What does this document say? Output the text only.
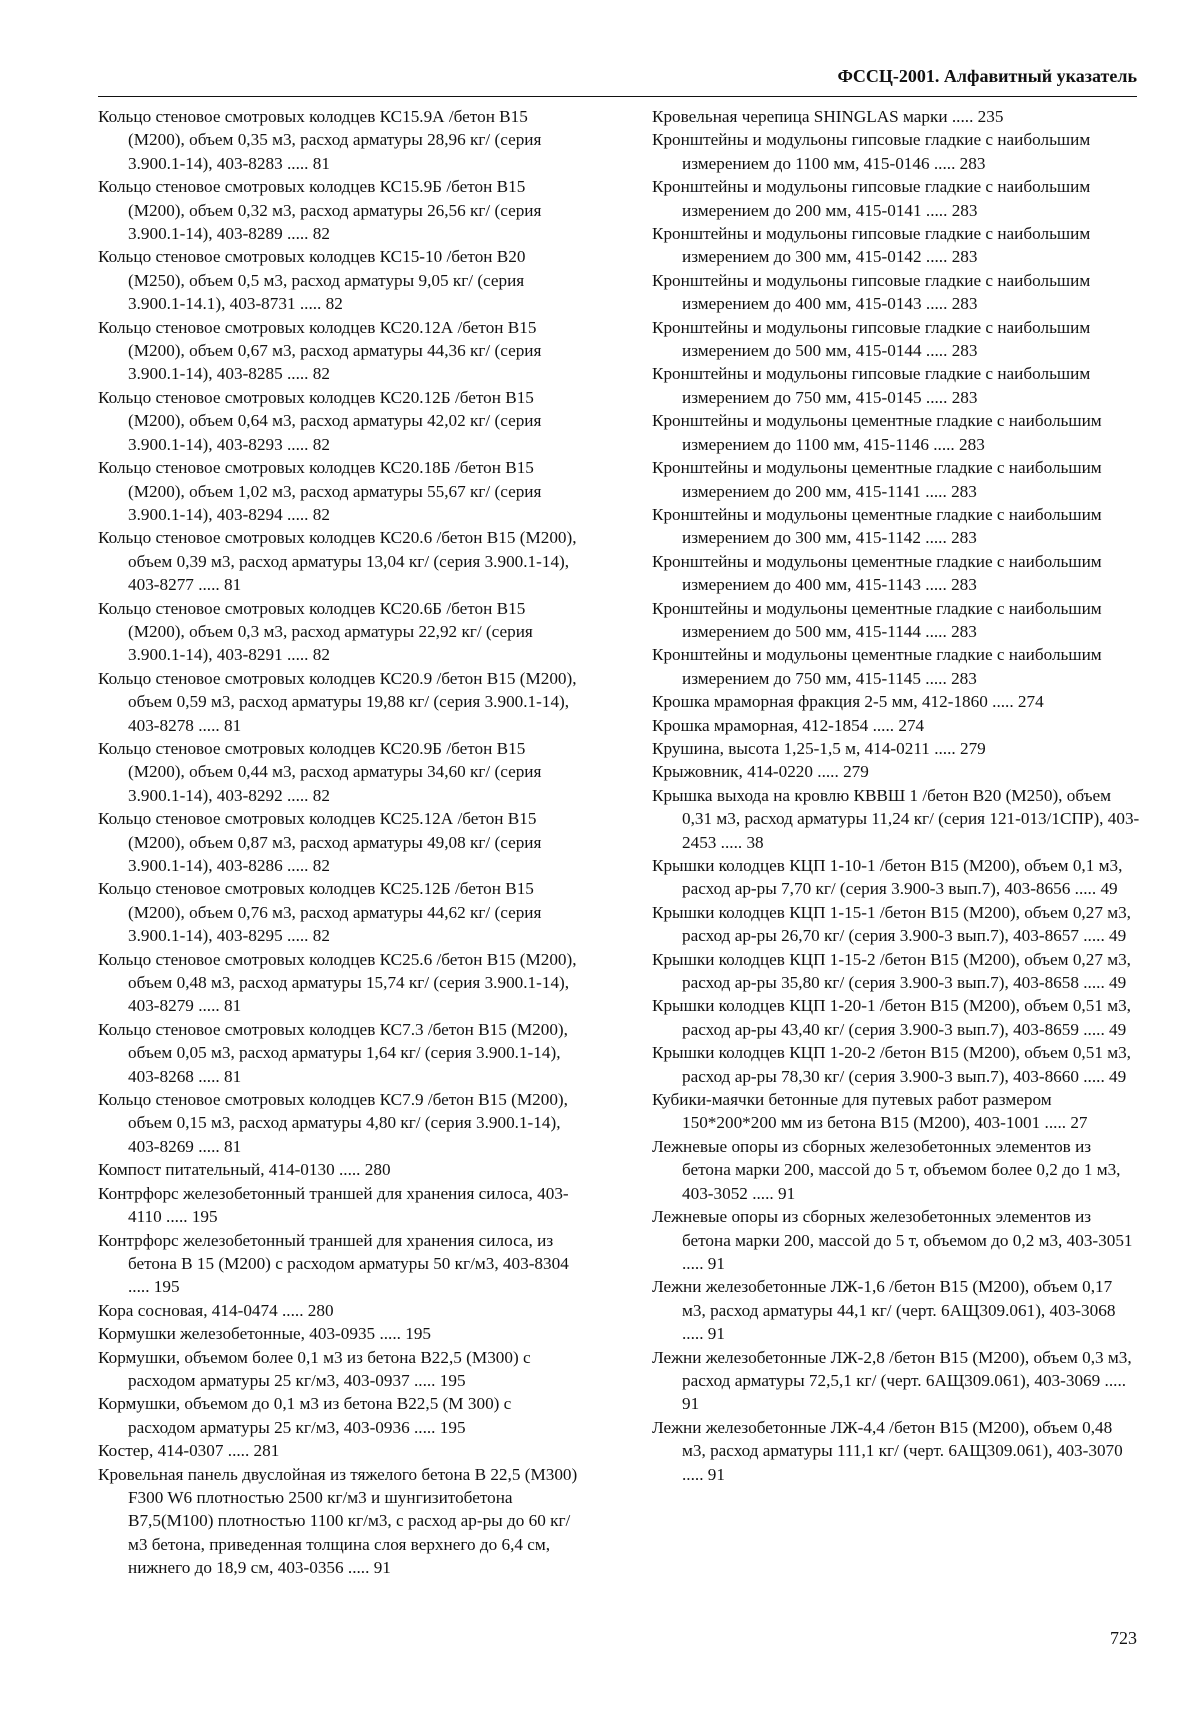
ФССЦ-2001. Алфавитный указатель
Кольцо стеновое смотровых колодцев КС15.9А /бетон В15 (М200), объем 0,35 м3, расход арматуры 28,96 кг/ (серия 3.900.1-14), 403-8283 ..... 81
Кольцо стеновое смотровых колодцев КС15.9Б /бетон В15 (М200), объем 0,32 м3, расход арматуры 26,56 кг/ (серия 3.900.1-14), 403-8289 ..... 82
Кольцо стеновое смотровых колодцев КС15-10 /бетон В20 (М250), объем 0,5 м3, расход арматуры 9,05 кг/ (серия 3.900.1-14.1), 403-8731 ..... 82
Кольцо стеновое смотровых колодцев КС20.12А /бетон В15 (М200), объем 0,67 м3, расход арматуры 44,36 кг/ (серия 3.900.1-14), 403-8285 ..... 82
Кольцо стеновое смотровых колодцев КС20.12Б /бетон В15 (М200), объем 0,64 м3, расход арматуры 42,02 кг/ (серия 3.900.1-14), 403-8293 ..... 82
Кольцо стеновое смотровых колодцев КС20.18Б /бетон В15 (М200), объем 1,02 м3, расход арматуры 55,67 кг/ (серия 3.900.1-14), 403-8294 ..... 82
Кольцо стеновое смотровых колодцев КС20.6 /бетон В15 (М200), объем 0,39 м3, расход арматуры 13,04 кг/ (серия 3.900.1-14), 403-8277 ..... 81
Кольцо стеновое смотровых колодцев КС20.6Б /бетон В15 (М200), объем 0,3 м3, расход арматуры 22,92 кг/ (серия 3.900.1-14), 403-8291 ..... 82
Кольцо стеновое смотровых колодцев КС20.9 /бетон В15 (М200), объем 0,59 м3, расход арматуры 19,88 кг/ (серия 3.900.1-14), 403-8278 ..... 81
Кольцо стеновое смотровых колодцев КС20.9Б /бетон В15 (М200), объем 0,44 м3, расход арматуры 34,60 кг/ (серия 3.900.1-14), 403-8292 ..... 82
Кольцо стеновое смотровых колодцев КС25.12А /бетон В15 (М200), объем 0,87 м3, расход арматуры 49,08 кг/ (серия 3.900.1-14), 403-8286 ..... 82
Кольцо стеновое смотровых колодцев КС25.12Б /бетон В15 (М200), объем 0,76 м3, расход арматуры 44,62 кг/ (серия 3.900.1-14), 403-8295 ..... 82
Кольцо стеновое смотровых колодцев КС25.6 /бетон В15 (М200), объем 0,48 м3, расход арматуры 15,74 кг/ (серия 3.900.1-14), 403-8279 ..... 81
Кольцо стеновое смотровых колодцев КС7.3 /бетон В15 (М200), объем 0,05 м3, расход арматуры 1,64 кг/ (серия 3.900.1-14), 403-8268 ..... 81
Кольцо стеновое смотровых колодцев КС7.9 /бетон В15 (М200), объем 0,15 м3, расход арматуры 4,80 кг/ (серия 3.900.1-14), 403-8269 ..... 81
Компост питательный, 414-0130 ..... 280
Контрфорс железобетонный траншей для хранения силоса, 403-4110 ..... 195
Контрфорс железобетонный траншей для хранения силоса, из бетона В 15 (М200) с расходом арматуры 50 кг/м3, 403-8304 ..... 195
Кора сосновая, 414-0474 ..... 280
Кормушки железобетонные, 403-0935 ..... 195
Кормушки, объемом более 0,1 м3 из бетона В22,5 (М300) с расходом арматуры 25 кг/м3, 403-0937 ..... 195
Кормушки, объемом до 0,1 м3 из бетона В22,5 (М 300) с расходом арматуры 25 кг/м3, 403-0936 ..... 195
Костер, 414-0307 ..... 281
Кровельная панель двуслойная из тяжелого бетона В 22,5 (М300) F300 W6 плотностью 2500 кг/м3 и шунгизитобетона В7,5(М100) плотностью 1100 кг/м3, с расход ар-ры до 60 кг/м3 бетона, приведенная толщина слоя верхнего до 6,4 см, нижнего до 18,9 см, 403-0356 ..... 91
Кровельная черепица SHINGLAS марки ..... 235
Кронштейны и модульоны гипсовые гладкие с наибольшим измерением до 1100 мм, 415-0146 ..... 283
Кронштейны и модульоны гипсовые гладкие с наибольшим измерением до 200 мм, 415-0141 ..... 283
Кронштейны и модульоны гипсовые гладкие с наибольшим измерением до 300 мм, 415-0142 ..... 283
Кронштейны и модульоны гипсовые гладкие с наибольшим измерением до 400 мм, 415-0143 ..... 283
Кронштейны и модульоны гипсовые гладкие с наибольшим измерением до 500 мм, 415-0144 ..... 283
Кронштейны и модульоны гипсовые гладкие с наибольшим измерением до 750 мм, 415-0145 ..... 283
Кронштейны и модульоны цементные гладкие с наибольшим измерением до 1100 мм, 415-1146 ..... 283
Кронштейны и модульоны цементные гладкие с наибольшим измерением до 200 мм, 415-1141 ..... 283
Кронштейны и модульоны цементные гладкие с наибольшим измерением до 300 мм, 415-1142 ..... 283
Кронштейны и модульоны цементные гладкие с наибольшим измерением до 400 мм, 415-1143 ..... 283
Кронштейны и модульоны цементные гладкие с наибольшим измерением до 500 мм, 415-1144 ..... 283
Кронштейны и модульоны цементные гладкие с наибольшим измерением до 750 мм, 415-1145 ..... 283
Крошка мраморная фракция 2-5 мм, 412-1860 ..... 274
Крошка мраморная, 412-1854 ..... 274
Крушина, высота 1,25-1,5 м, 414-0211 ..... 279
Крыжовник, 414-0220 ..... 279
Крышка выхода на кровлю КВВШ 1 /бетон В20 (М250), объем 0,31 м3, расход арматуры 11,24 кг/ (серия 121-013/1СПР), 403-2453 ..... 38
Крышки колодцев КЦП 1-10-1 /бетон В15 (М200), объем 0,1 м3, расход ар-ры 7,70 кг/ (серия 3.900-3 вып.7), 403-8656 ..... 49
Крышки колодцев КЦП 1-15-1 /бетон В15 (М200), объем 0,27 м3, расход ар-ры 26,70 кг/ (серия 3.900-3 вып.7), 403-8657 ..... 49
Крышки колодцев КЦП 1-15-2 /бетон В15 (М200), объем 0,27 м3, расход ар-ры 35,80 кг/ (серия 3.900-3 вып.7), 403-8658 ..... 49
Крышки колодцев КЦП 1-20-1 /бетон В15 (М200), объем 0,51 м3, расход ар-ры 43,40 кг/ (серия 3.900-3 вып.7), 403-8659 ..... 49
Крышки колодцев КЦП 1-20-2 /бетон В15 (М200), объем 0,51 м3, расход ар-ры 78,30 кг/ (серия 3.900-3 вып.7), 403-8660 ..... 49
Кубики-маячки бетонные для путевых работ размером 150*200*200 мм из бетона В15 (М200), 403-1001 ..... 27
Лежневые опоры из сборных железобетонных элементов из бетона марки 200, массой до 5 т, объемом более 0,2 до 1 м3, 403-3052 ..... 91
Лежневые опоры из сборных железобетонных элементов из бетона марки 200, массой до 5 т, объемом до 0,2 м3, 403-3051 ..... 91
Лежни железобетонные ЛЖ-1,6 /бетон В15 (М200), объем 0,17 м3, расход арматуры 44,1 кг/ (черт. 6АЩ309.061), 403-3068 ..... 91
Лежни железобетонные ЛЖ-2,8 /бетон В15 (М200), объем 0,3 м3, расход арматуры 72,5,1 кг/ (черт. 6АЩ309.061), 403-3069 ..... 91
Лежни железобетонные ЛЖ-4,4 /бетон В15 (М200), объем 0,48 м3, расход арматуры 111,1 кг/ (черт. 6АЩ309.061), 403-3070 ..... 91
723
